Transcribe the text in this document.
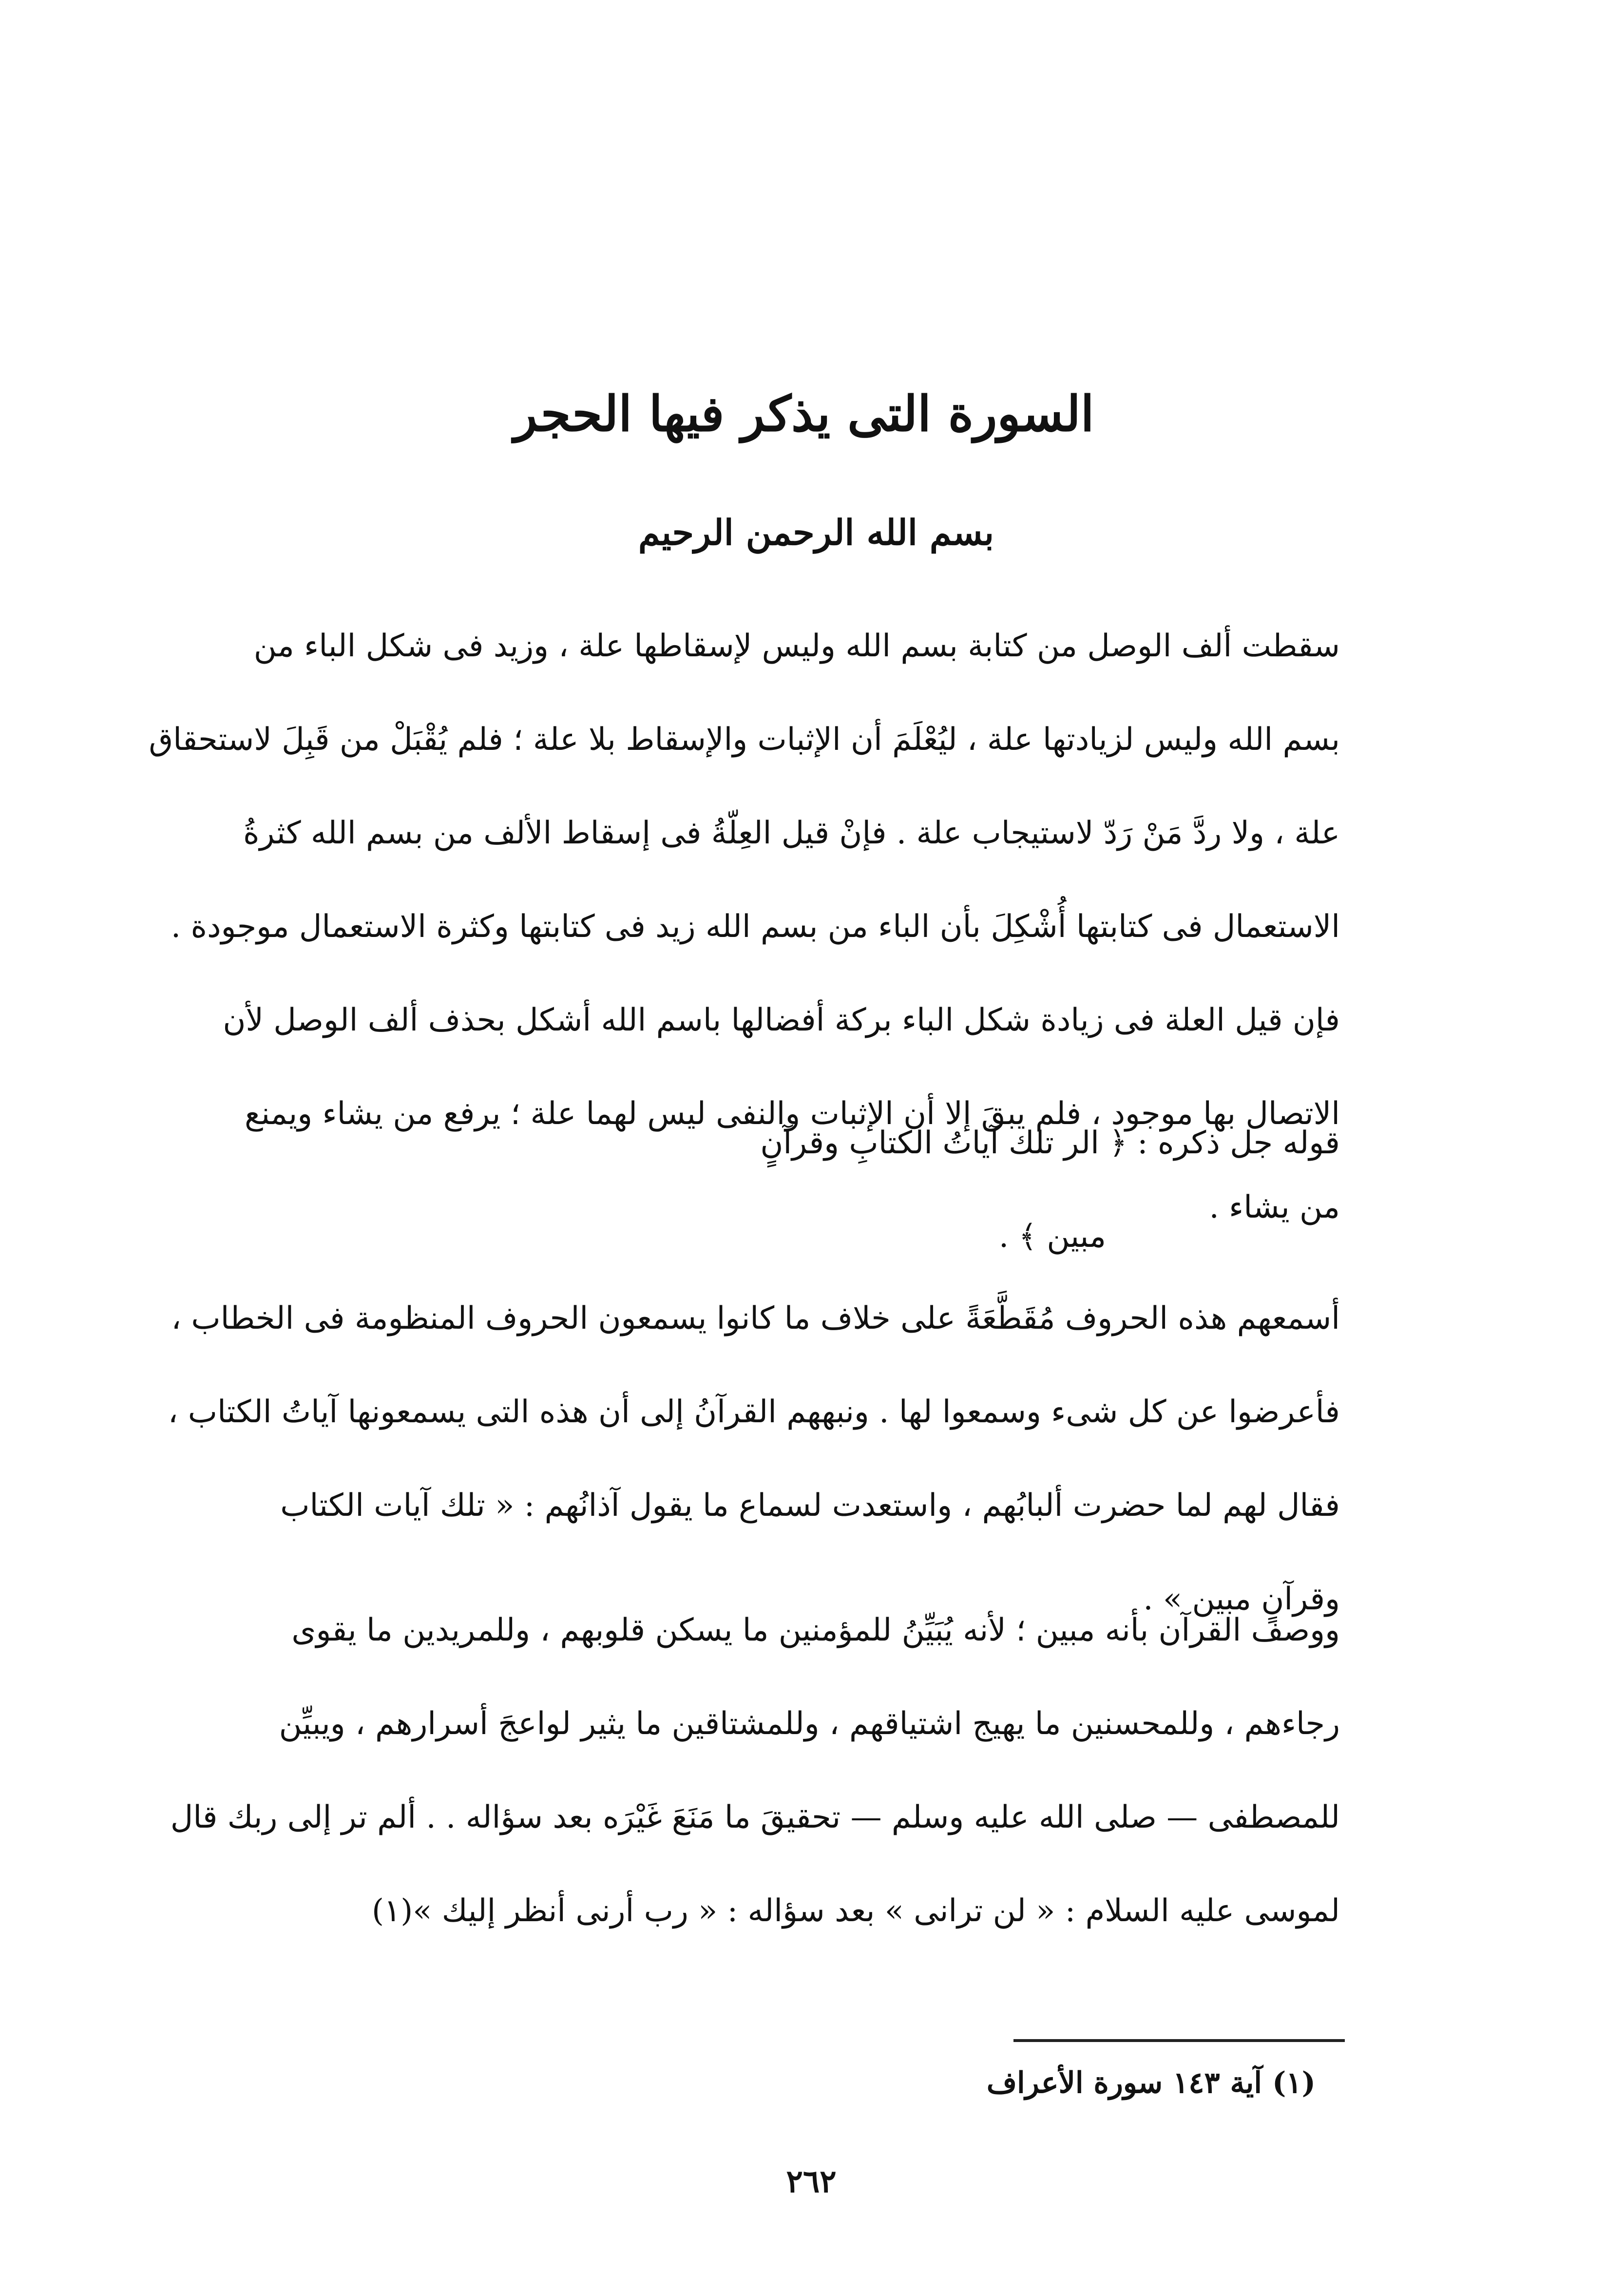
السورة التى يذكر فيها الحجر
بسم الله الرحمن الرحيم
سقطت ألف الوصل من كتابة بسم الله وليس لإسقاطها علة ، وزيد فى شكل الباء من
بسم الله وليس لزيادتها علة ، ليُعْلَمَ أن الإثبات والإسقاط بلا علة ؛ فلم يُقْبَلْ من قَبِلَ لاستحقاق
علة ، ولا ردَّ مَنْ رَدّ لاستيجاب علة . فإنْ قيل العِلّةُ فى إسقاط الألف من بسم الله كثرةُ
الاستعمال فى كتابتها أُشْكِلَ بأن الباء من بسم الله زيد فى كتابتها وكثرة الاستعمال موجودة .
فإن قيل العلة فى زيادة شكل الباء بركة أفضالها باسم الله أشكل بحذف ألف الوصل لأن
الاتصال بها موجود ، فلم يبقَ إلا أن الإثبات والنفى ليس لهما علة ؛ يرفع من يشاء ويمنع
من يشاء .
قوله جل ذكره : ﴿ الر تلك آياتُ الكتابِ وقرآنٍ
مبين ﴾ .
أسمعهم هذه الحروف مُقَطَّعَةً على خلاف ما كانوا يسمعون الحروف المنظومة فى الخطاب ،
فأعرضوا عن كل شىء وسمعوا لها . ونبههم القرآنُ إلى أن هذه التى يسمعونها آياتُ الكتاب ،
فقال لهم لما حضرت ألبابُهم ، واستعدت لسماع ما يقول آذانُهم : « تلك آيات الكتاب
وقرآنٍ مبين » .
ووصف القرآن بأنه مبين ؛ لأنه يُبَيِّنُ للمؤمنين ما يسكن قلوبهم ، وللمريدين ما يقوى
رجاءهم ، وللمحسنين ما يهيج اشتياقهم ، وللمشتاقين ما يثير لواعجَ أسرارهم ، ويبيِّن
للمصطفى — صلى الله عليه وسلم — تحقيقَ ما مَنَعَ غَيْرَه بعد سؤاله . . ألم تر إلى ربك قال
لموسى عليه السلام : « لن ترانى » بعد سؤاله : « رب أرنى أنظر إليك »(١)
(١) آية ١٤٣ سورة الأعراف
٢٦٢
